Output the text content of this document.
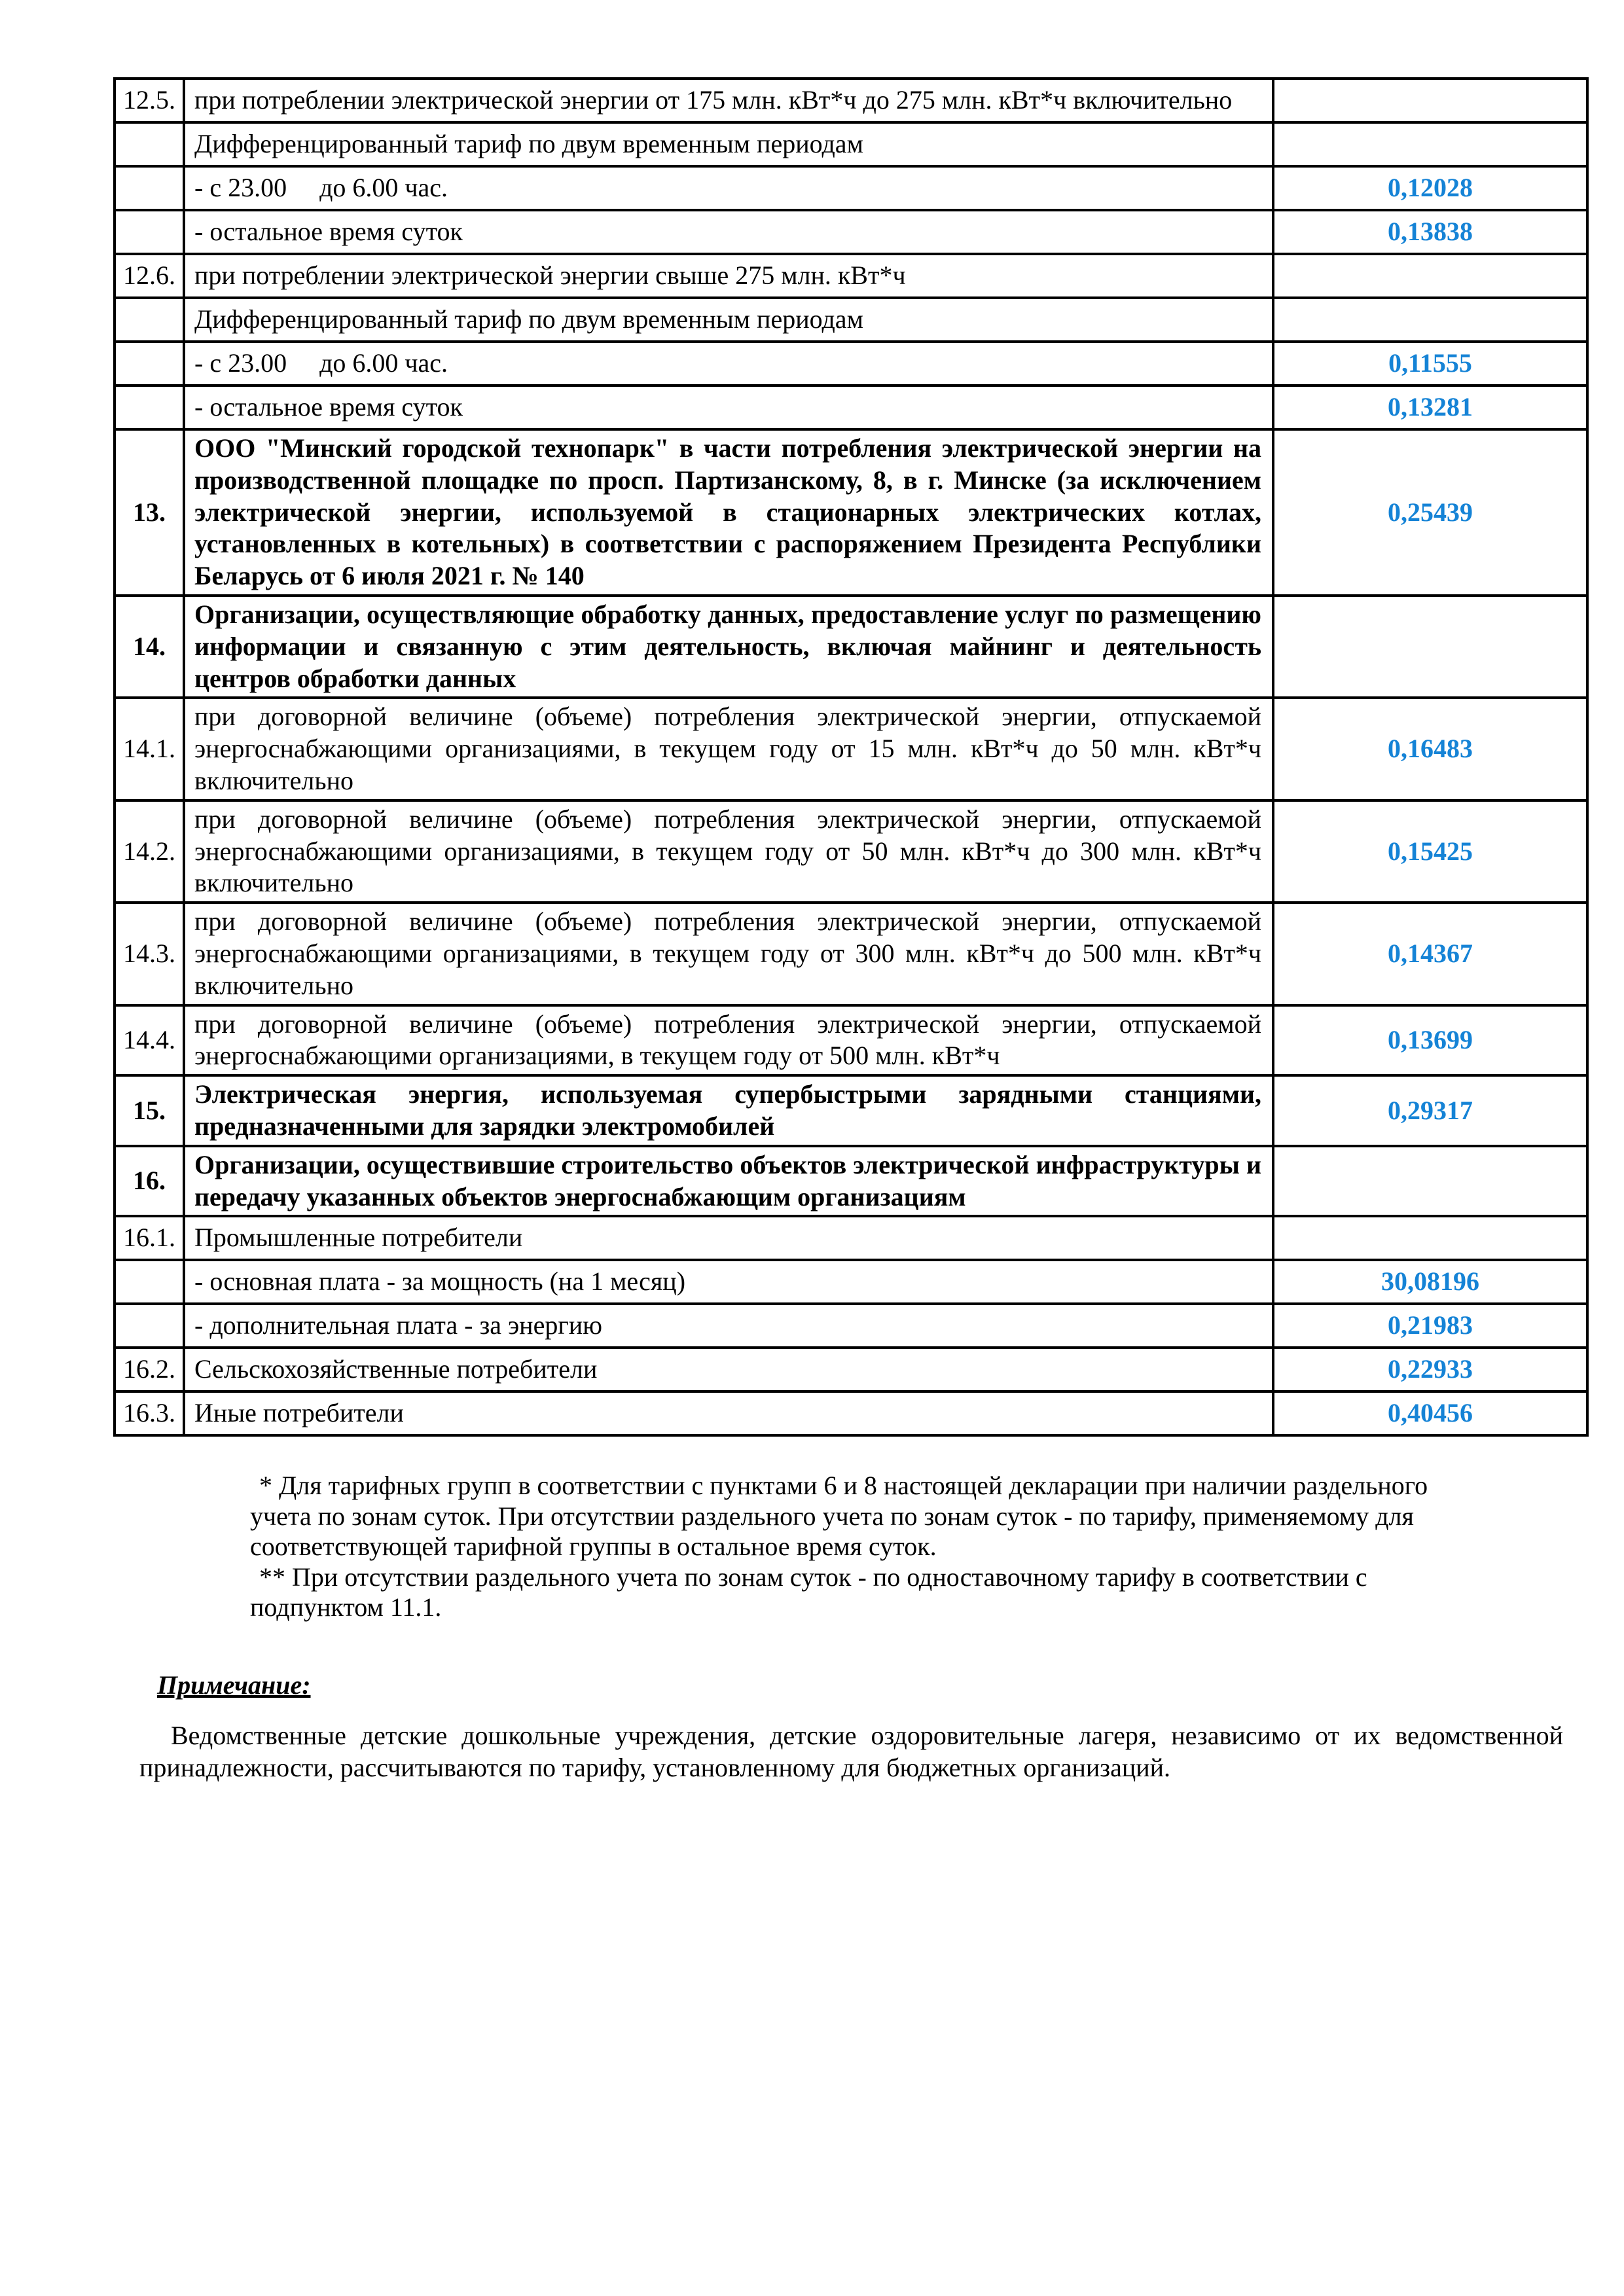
12.5.	при потреблении электрической энергии от 175 млн. кВт*ч до 275 млн. кВт*ч включительно	
	Дифференцированный тариф по двум временным периодам	
	- с 23.00     до 6.00 час.	0,12028
	- остальное время суток	0,13838
12.6.	при потреблении электрической энергии свыше 275 млн. кВт*ч	
	Дифференцированный тариф по двум временным периодам	
	- с 23.00     до 6.00 час.	0,11555
	- остальное время суток	0,13281
13.	ООО "Минский городской технопарк" в части потребления электрической энергии на производственной площадке по просп. Партизанскому, 8, в г. Минске (за исключением электрической энергии, используемой в стационарных электрических котлах, установленных в котельных) в соответствии с распоряжением Президента Республики Беларусь от 6 июля 2021 г. № 140	0,25439
14.	Организации, осуществляющие обработку данных, предоставление услуг по размещению информации и связанную с этим деятельность, включая майнинг и деятельность центров обработки данных	
14.1.	при договорной величине (объеме) потребления электрической энергии, отпускаемой энергоснабжающими организациями, в текущем году от 15 млн. кВт*ч до 50 млн. кВт*ч включительно	0,16483
14.2.	при договорной величине (объеме) потребления электрической энергии, отпускаемой энергоснабжающими организациями, в текущем году от 50 млн. кВт*ч до 300 млн. кВт*ч включительно	0,15425
14.3.	при договорной величине (объеме) потребления электрической энергии, отпускаемой энергоснабжающими организациями, в текущем году от 300 млн. кВт*ч до 500 млн. кВт*ч включительно	0,14367
14.4.	при договорной величине (объеме) потребления электрической энергии, отпускаемой энергоснабжающими организациями, в текущем году от 500 млн. кВт*ч	0,13699
15.	Электрическая энергия, используемая супербыстрыми зарядными станциями, предназначенными для зарядки электромобилей	0,29317
16.	Организации, осуществившие строительство объектов электрической инфраструктуры и передачу указанных объектов энергоснабжающим организациям	
16.1.	Промышленные потребители	
	- основная плата - за мощность (на 1 месяц)	30,08196
	- дополнительная плата - за энергию	0,21983
16.2.	Сельскохозяйственные потребители	0,22933
16.3.	Иные потребители	0,40456

* Для тарифных групп в соответствии с пунктами 6 и 8 настоящей декларации при наличии раздельного учета по зонам суток. При отсутствии раздельного учета по зонам суток - по тарифу, применяемому для соответствующей тарифной группы в остальное время суток.

** При отсутствии раздельного учета по зонам суток - по одноставочному тарифу в соответствии с подпунктом 11.1.

Примечание:

Ведомственные детские дошкольные учреждения, детские оздоровительные лагеря, независимо от их ведомственной принадлежности, рассчитываются по тарифу, установленному для бюджетных организаций.
